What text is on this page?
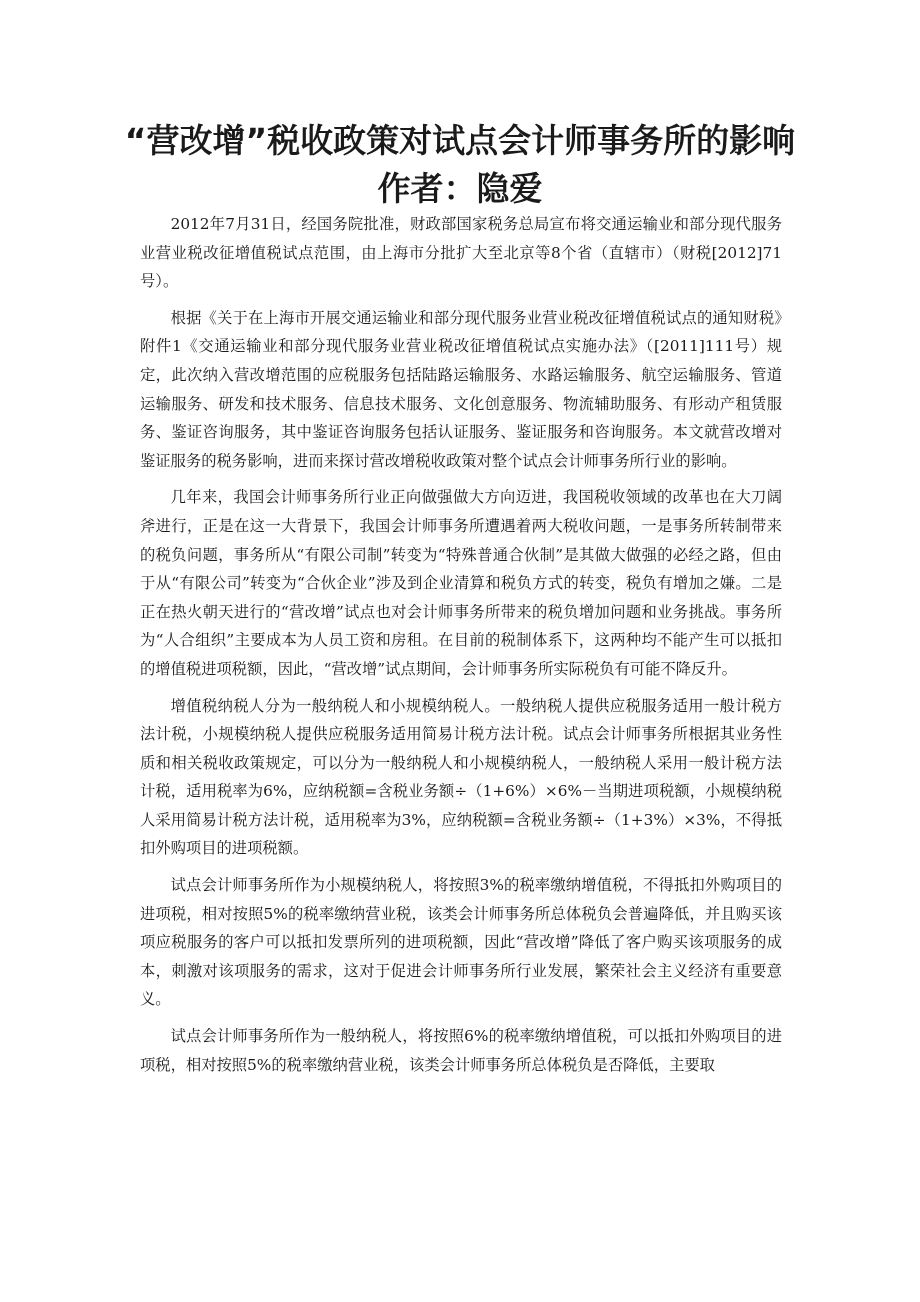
“营改增”税收政策对试点会计师事务所的影响
作者：隐爱

2012年7月31日，经国务院批准，财政部国家税务总局宣布将交通运输业和部分现代服务业营业税改征增值税试点范围，由上海市分批扩大至北京等8个省（直辖市）（财税[2012]71号）。

根据《关于在上海市开展交通运输业和部分现代服务业营业税改征增值税试点的通知财税》附件1《交通运输业和部分现代服务业营业税改征增值税试点实施办法》（[2011]111号）规定，此次纳入营改增范围的应税服务包括陆路运输服务、水路运输服务、航空运输服务、管道运输服务、研发和技术服务、信息技术服务、文化创意服务、物流辅助服务、有形动产租赁服务、鉴证咨询服务，其中鉴证咨询服务包括认证服务、鉴证服务和咨询服务。本文就营改增对鉴证服务的税务影响，进而来探讨营改增税收政策对整个试点会计师事务所行业的影响。

几年来，我国会计师事务所行业正向做强做大方向迈进，我国税收领域的改革也在大刀阔斧进行，正是在这一大背景下，我国会计师事务所遭遇着两大税收问题，一是事务所转制带来的税负问题，事务所从“有限公司制”转变为“特殊普通合伙制”是其做大做强的必经之路，但由于从“有限公司”转变为“合伙企业”涉及到企业清算和税负方式的转变，税负有增加之嫌。二是正在热火朝天进行的“营改增”试点也对会计师事务所带来的税负增加问题和业务挑战。事务所为“人合组织”主要成本为人员工资和房租。在目前的税制体系下，这两种均不能产生可以抵扣的增值税进项税额，因此，“营改增”试点期间，会计师事务所实际税负有可能不降反升。

增值税纳税人分为一般纳税人和小规模纳税人。一般纳税人提供应税服务适用一般计税方法计税，小规模纳税人提供应税服务适用简易计税方法计税。试点会计师事务所根据其业务性质和相关税收政策规定，可以分为一般纳税人和小规模纳税人，一般纳税人采用一般计税方法计税，适用税率为6%，应纳税额=含税业务额÷（1+6%）×6%－当期进项税额，小规模纳税人采用简易计税方法计税，适用税率为3%，应纳税额=含税业务额÷（1+3%）×3%，不得抵扣外购项目的进项税额。

试点会计师事务所作为小规模纳税人，将按照3%的税率缴纳增值税，不得抵扣外购项目的进项税，相对按照5%的税率缴纳营业税，该类会计师事务所总体税负会普遍降低，并且购买该项应税服务的客户可以抵扣发票所列的进项税额，因此“营改增”降低了客户购买该项服务的成本，刺激对该项服务的需求，这对于促进会计师事务所行业发展，繁荣社会主义经济有重要意义。

试点会计师事务所作为一般纳税人，将按照6%的税率缴纳增值税，可以抵扣外购项目的进项税，相对按照5%的税率缴纳营业税，该类会计师事务所总体税负是否降低，主要取
